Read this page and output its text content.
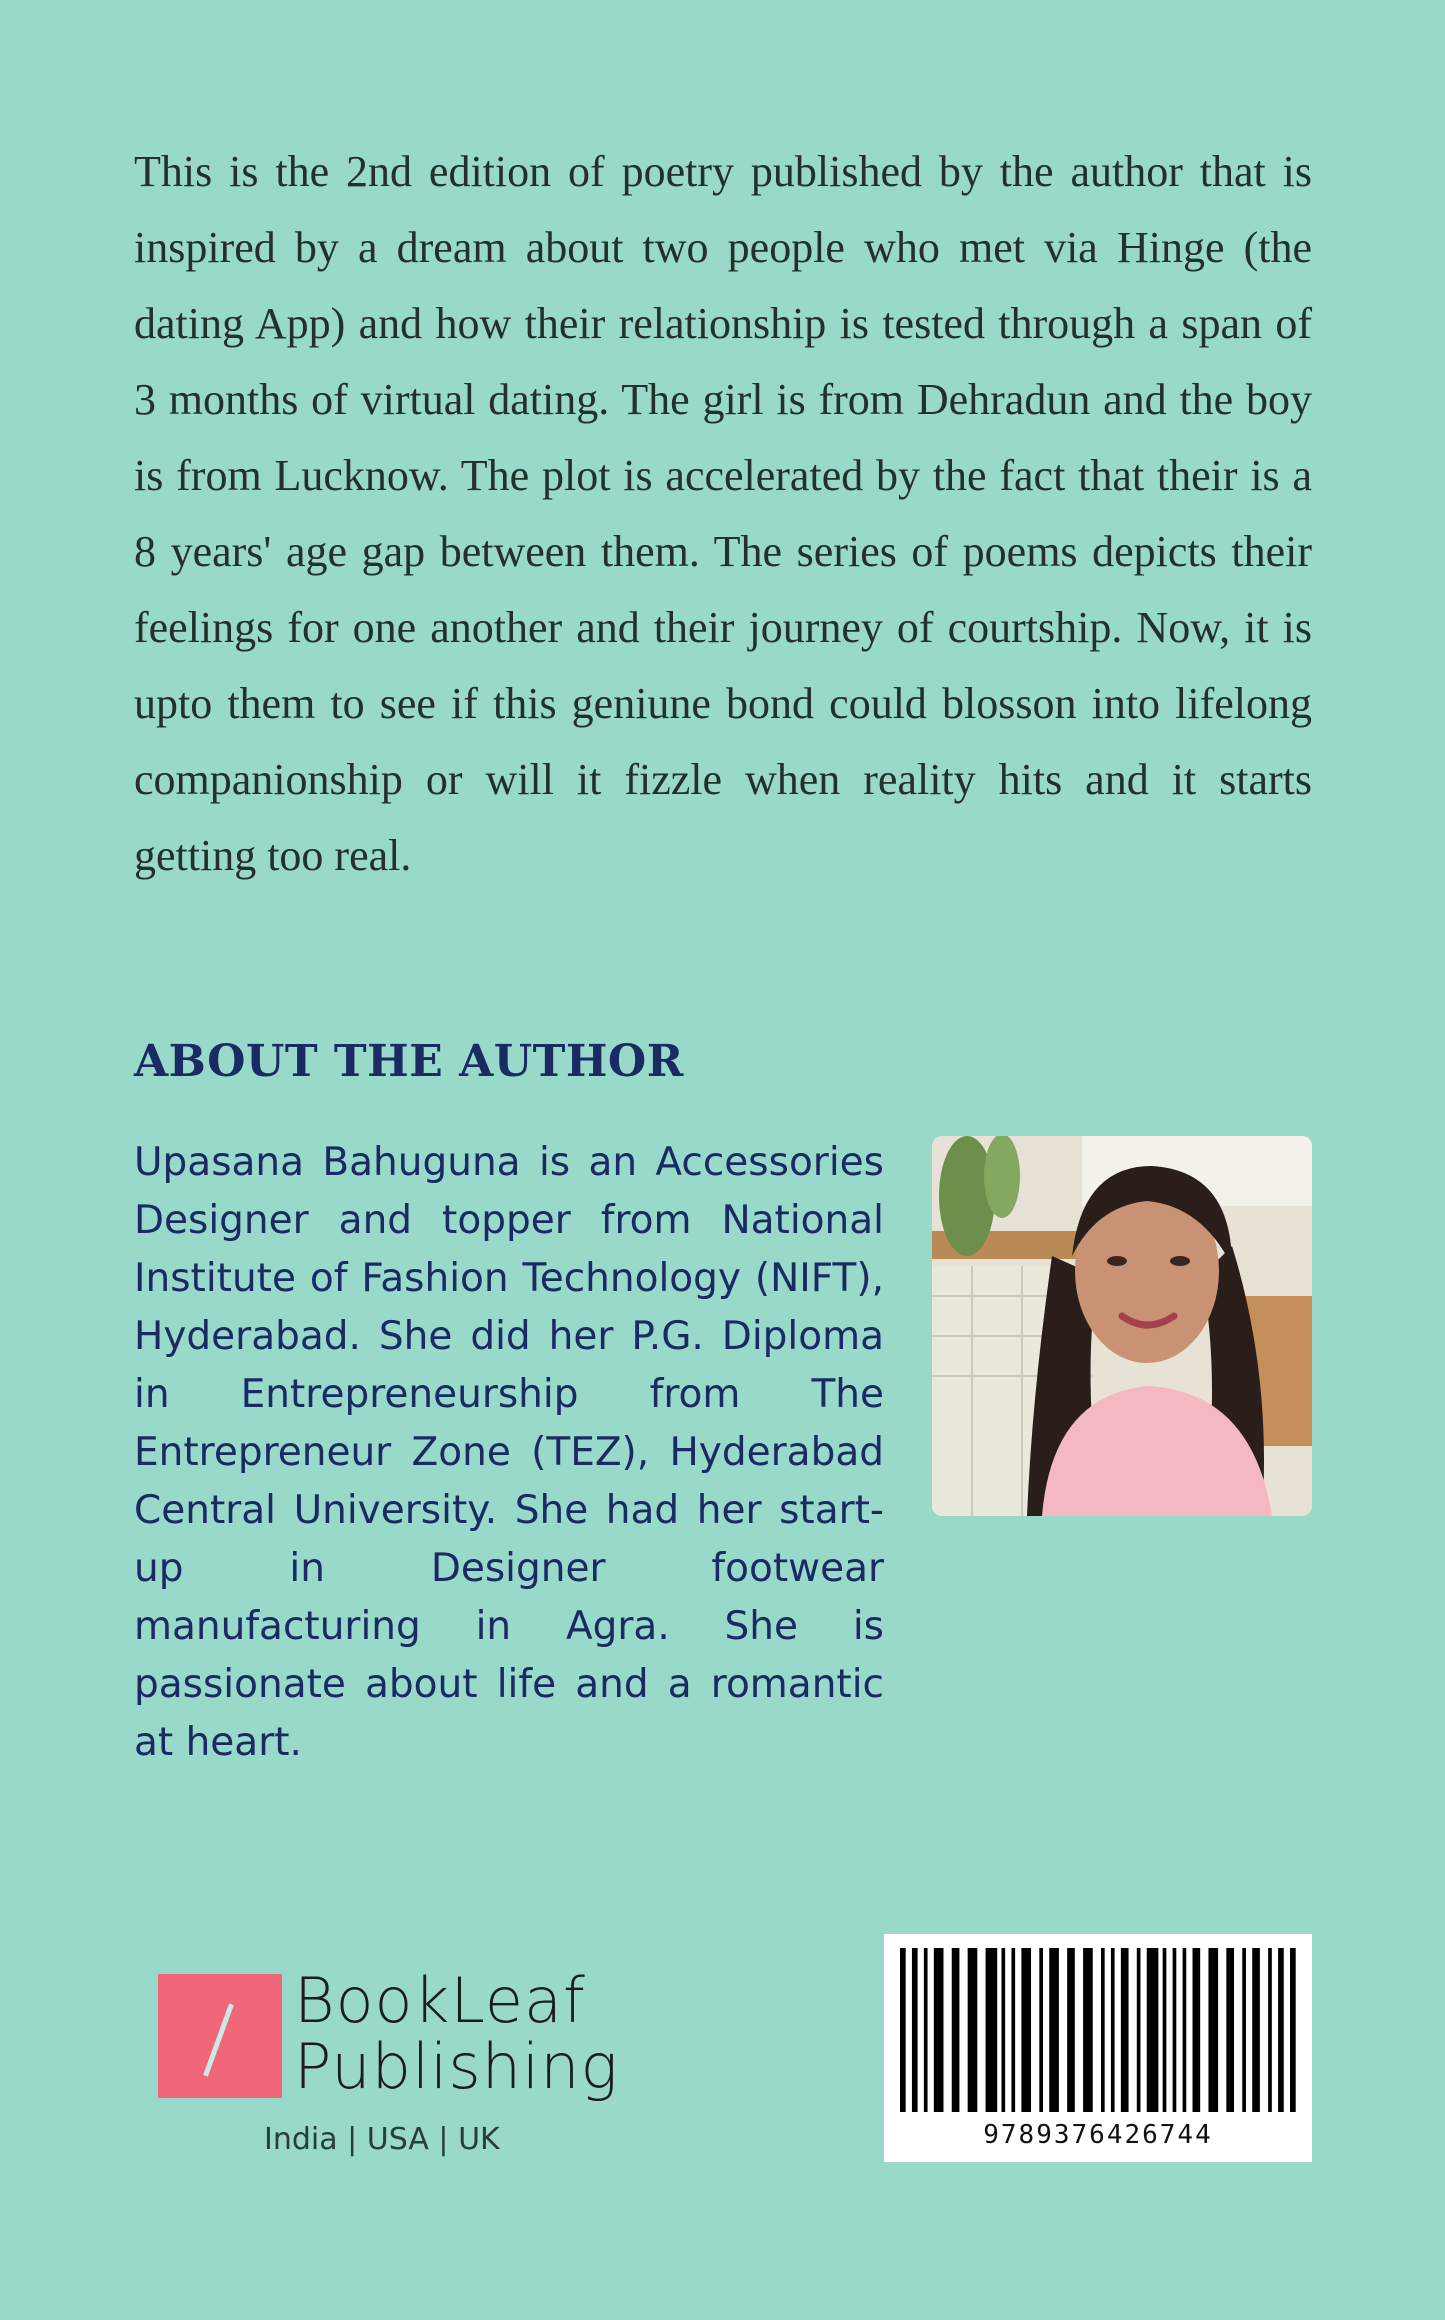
This is the 2nd edition of poetry published by the author that is inspired by a dream about two people who met via Hinge (the dating App) and how their relationship is tested through a span of 3 months of virtual dating. The girl is from Dehradun and the boy is from Lucknow. The plot is accelerated by the fact that their is a 8 years' age gap between them. The series of poems depicts their feelings for one another and their journey of courtship. Now, it is upto them to see if this geniune bond could blosson into lifelong companionship or will it fizzle when reality hits and it starts getting too real.

ABOUT THE AUTHOR

Upasana Bahuguna is an Accessories Designer and topper from National Institute of Fashion Technology (NIFT), Hyderabad. She did her P.G. Diploma in Entrepreneurship from The Entrepreneur Zone (TEZ), Hyderabad Central University. She had her start-up in Designer footwear manufacturing in Agra. She is passionate about life and a romantic at heart.

BookLeaf
Publishing
India | USA | UK	9789376426744
